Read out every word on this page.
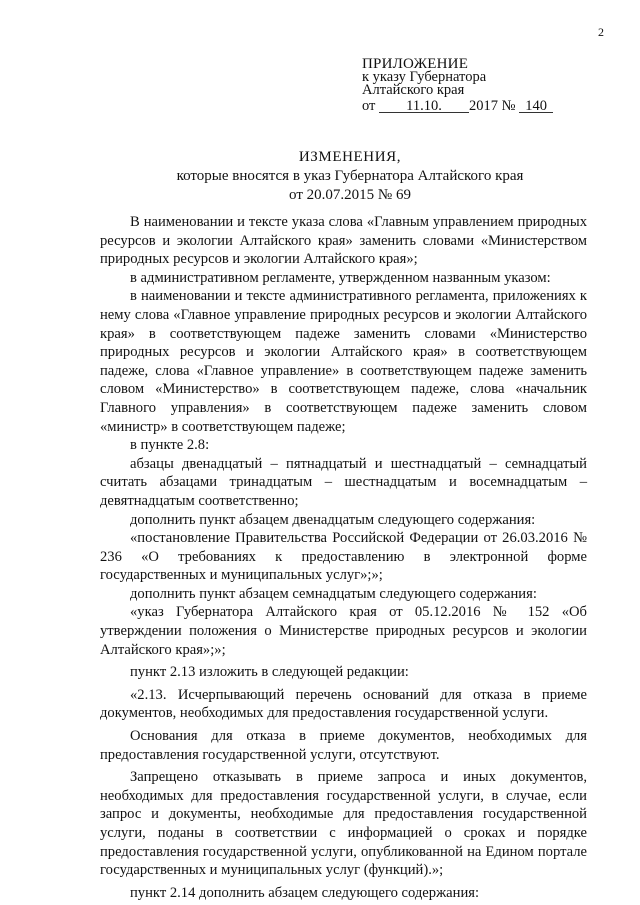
2
ПРИЛОЖЕНИЕ
к указу Губернатора
Алтайского края
от 11.10. 2017 № 140
ИЗМЕНЕНИЯ,
которые вносятся в указ Губернатора Алтайского края
от 20.07.2015 № 69

В наименовании и тексте указа слова «Главным управлением природных ресурсов и экологии Алтайского края» заменить словами «Министерством природных ресурсов и экологии Алтайского края»;

в административном регламенте, утвержденном названным указом:

в наименовании и тексте административного регламента, приложениях к нему слова «Главное управление природных ресурсов и экологии Алтайского края» в соответствующем падеже заменить словами «Министерство природных ресурсов и экологии Алтайского края» в соответствующем падеже, слова «Главное управление» в соответствующем падеже заменить словом «Министерство» в соответствующем падеже, слова «начальник Главного управления» в соответствующем падеже заменить словом «министр» в соответствующем падеже;

в пункте 2.8:

абзацы двенадцатый – пятнадцатый и шестнадцатый – семнадцатый считать абзацами тринадцатым – шестнадцатым и восемнадцатым – девятнадцатым соответственно;

дополнить пункт абзацем двенадцатым следующего содержания:

«постановление Правительства Российской Федерации от 26.03.2016 № 236 «О требованиях к предоставлению в электронной форме государственных и муниципальных услуг»;»;

дополнить пункт абзацем семнадцатым следующего содержания:

«указ Губернатора Алтайского края от 05.12.2016 № 152 «Об утверждении положения о Министерстве природных ресурсов и экологии Алтайского края»;»;

пункт 2.13 изложить в следующей редакции:

«2.13. Исчерпывающий перечень оснований для отказа в приеме документов, необходимых для предоставления государственной услуги.

Основания для отказа в приеме документов, необходимых для предоставления государственной услуги, отсутствуют.

Запрещено отказывать в приеме запроса и иных документов, необходимых для предоставления государственной услуги, в случае, если запрос и документы, необходимые для предоставления государственной услуги, поданы в соответствии с информацией о сроках и порядке предоставления государственной услуги, опубликованной на Едином портале государственных и муниципальных услуг (функций).»;

пункт 2.14 дополнить абзацем следующего содержания:
